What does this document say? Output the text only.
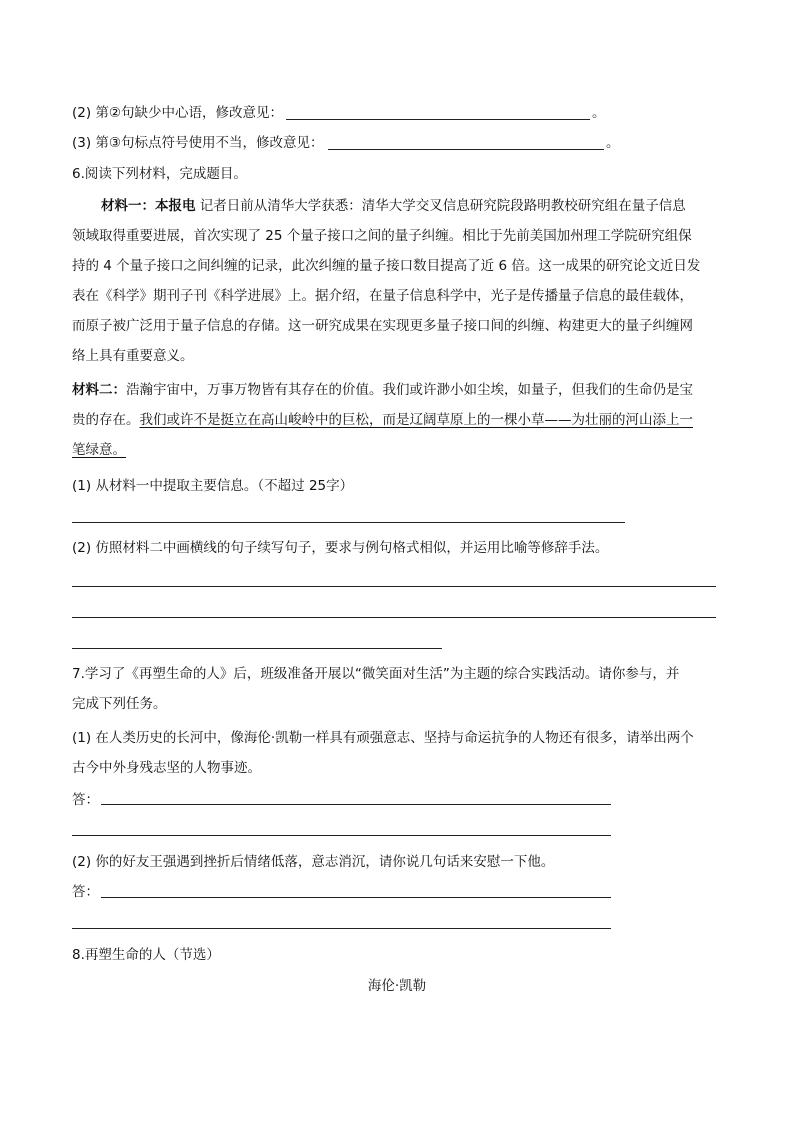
(2) 第②句缺少中心语，修改意见：	。
(3) 第③句标点符号使用不当，修改意见：	。
6.阅读下列材料，完成题目。
材料一：本报电 记者日前从清华大学获悉：清华大学交叉信息研究院段路明教校研究组在量子信息
领域取得重要进展，首次实现了 25 个量子接口之间的量子纠缠。相比于先前美国加州理工学院研究组保
持的 4 个量子接口之间纠缠的记录，此次纠缠的量子接口数目提高了近 6 倍。这一成果的研究论文近日发
表在《科学》期刊子刊《科学进展》上。据介绍，在量子信息科学中，光子是传播量子信息的最佳载体，
而原子被广泛用于量子信息的存储。这一研究成果在实现更多量子接口间的纠缠、构建更大的量子纠缠网
络上具有重要意义。
材料二：浩瀚宇宙中，万事万物皆有其存在的价值。我们或许渺小如尘埃，如量子，但我们的生命仍是宝
贵的存在。我们或许不是挺立在高山峻岭中的巨松，而是辽阔草原上的一棵小草——为壮丽的河山添上一
笔绿意。
(1) 从材料一中提取主要信息。（不超过 25字）
(2) 仿照材料二中画横线的句子续写句子，要求与例句格式相似，并运用比喻等修辞手法。
7.学习了《再塑生命的人》后，班级准备开展以“微笑面对生活”为主题的综合实践活动。请你参与，并
完成下列任务。
(1) 在人类历史的长河中，像海伦·凯勒一样具有顽强意志、坚持与命运抗争的人物还有很多，请举出两个
古今中外身残志坚的人物事迹。
答：
(2) 你的好友王强遇到挫折后情绪低落，意志消沉，请你说几句话来安慰一下他。
答：
8.再塑生命的人（节选）
海伦·凯勒
